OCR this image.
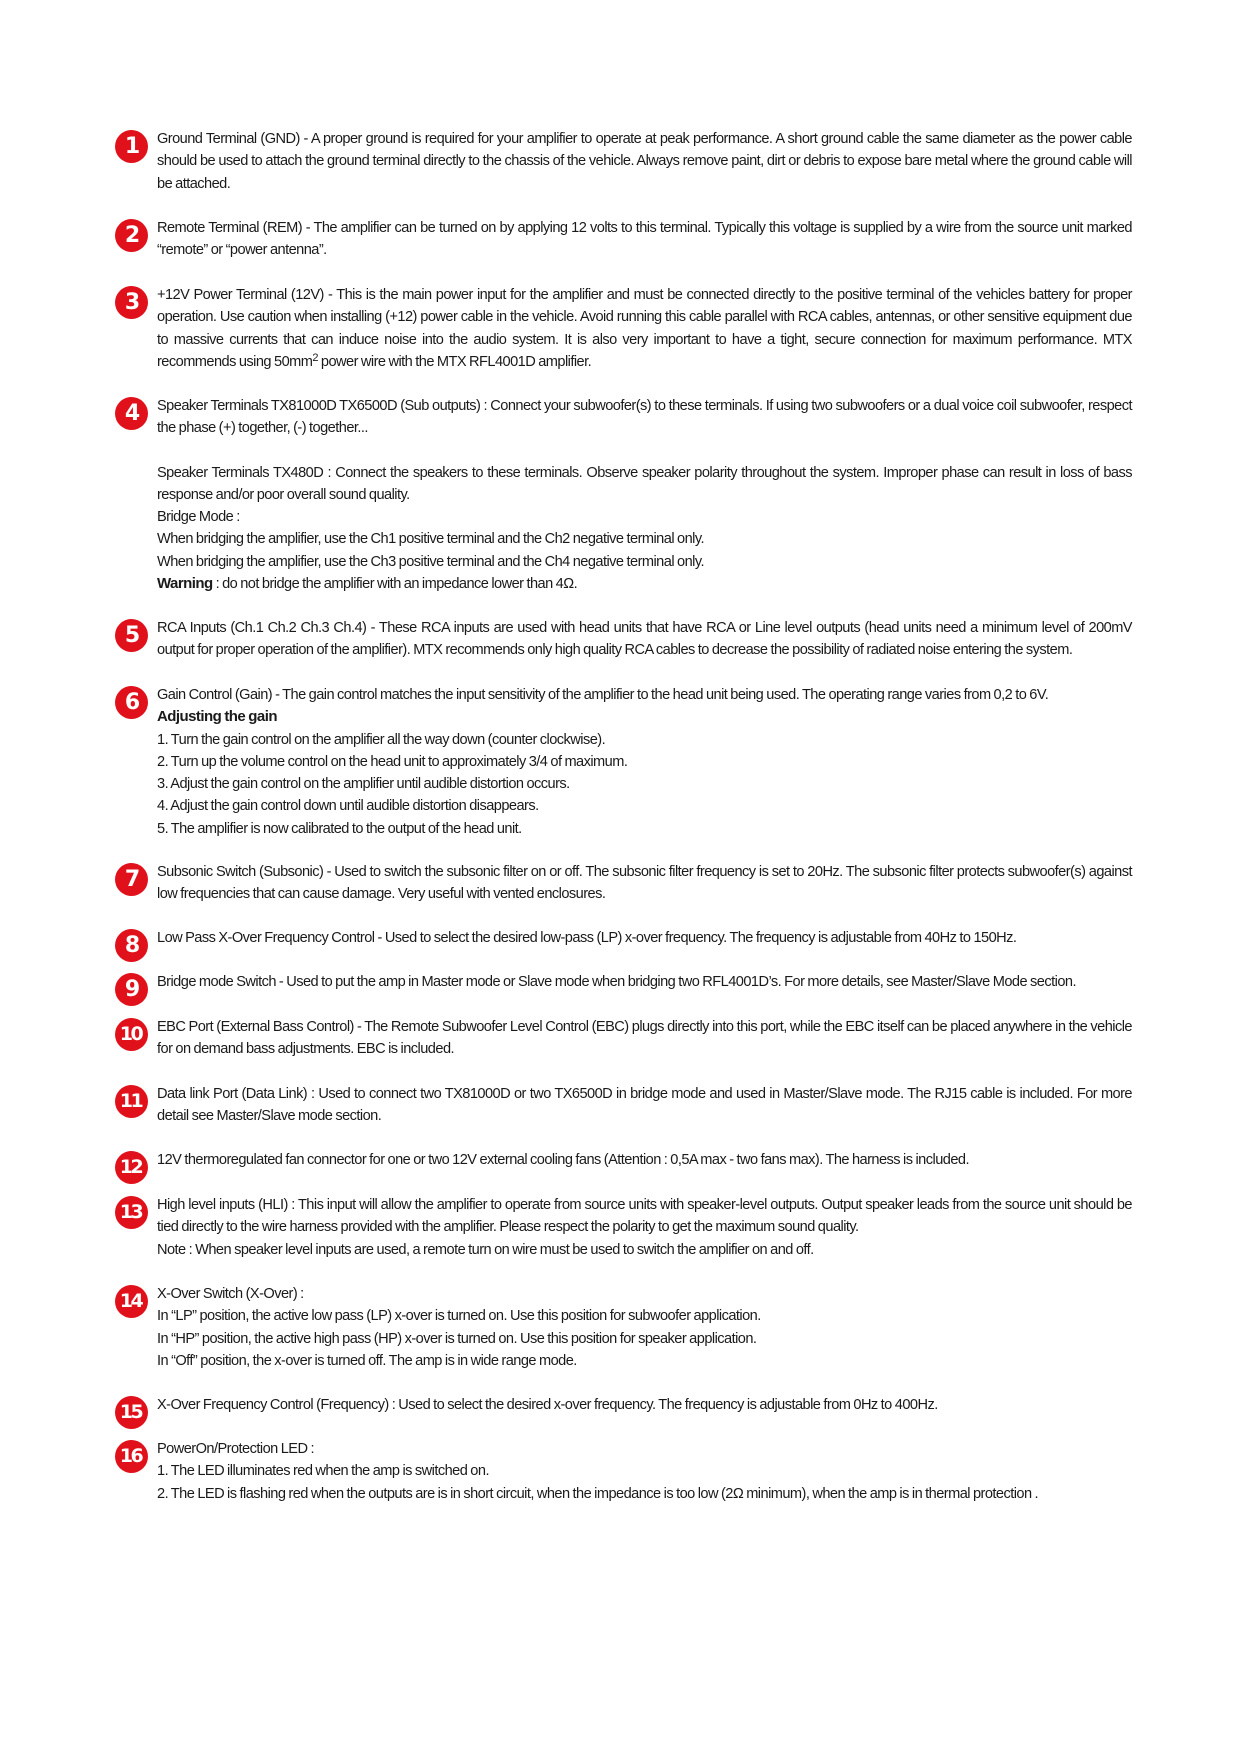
1	Ground Terminal (GND) - A proper ground is required for your amplifier to operate at peak performance. A short ground cable the same diameter as the power cable should be used to attach the ground terminal directly to the chassis of the vehicle. Always remove paint, dirt or debris to expose bare metal where the ground cable will be attached.
2	Remote Terminal (REM) - The amplifier can be turned on by applying 12 volts to this terminal. Typically this voltage is supplied by a wire from the source unit marked “remote” or “power antenna”.
3	+12V Power Terminal (12V) - This is the main power input for the amplifier and must be connected directly to the positive terminal of the vehicles battery for proper operation. Use caution when installing (+12) power cable in the vehicle. Avoid running this cable parallel with RCA cables, antennas, or other sensitive equipment due to massive currents that can induce noise into the audio system. It is also very important to have a tight, secure connection for maximum performance. MTX recommends using $50mm^2$ power wire with the MTX RFL4001D amplifier.
4	Speaker Terminals TX81000D TX6500D (Sub outputs) : Connect your subwoofer(s) to these terminals. If using two subwoofers or a dual voice coil subwoofer, respect the phase (+) together, (-) together...
Speaker Terminals TX480D : Connect the speakers to these terminals. Observe speaker polarity throughout the system. Improper phase can result in loss of bass response and/or poor overall sound quality.
Bridge Mode :
When bridging the amplifier, use the Ch1 positive terminal and the Ch2 negative terminal only.
When bridging the amplifier, use the Ch3 positive terminal and the Ch4 negative terminal only.
Warning : do not bridge the amplifier with an impedance lower than 4Ω.
5	RCA Inputs (Ch.1 Ch.2 Ch.3 Ch.4) - These RCA inputs are used with head units that have RCA or Line level outputs (head units need a minimum level of 200mV output for proper operation of the amplifier). MTX recommends only high quality RCA cables to decrease the possibility of radiated noise entering the system.
6	Gain Control (Gain) - The gain control matches the input sensitivity of the amplifier to the head unit being used. The operating range varies from 0,2 to 6V.
Adjusting the gain
1. Turn the gain control on the amplifier all the way down (counter clockwise).
2. Turn up the volume control on the head unit to approximately 3/4 of maximum.
3. Adjust the gain control on the amplifier until audible distortion occurs.
4. Adjust the gain control down until audible distortion disappears.
5. The amplifier is now calibrated to the output of the head unit.
7	Subsonic Switch (Subsonic) - Used to switch the subsonic filter on or off. The subsonic filter frequency is set to 20Hz. The subsonic filter protects subwoofer(s) against low frequencies that can cause damage. Very useful with vented enclosures.
8	Low Pass X-Over Frequency Control - Used to select the desired low-pass (LP) x-over frequency. The frequency is adjustable from 40Hz to 150Hz.
9	Bridge mode Switch - Used to put the amp in Master mode or Slave mode when bridging two RFL4001D’s. For more details, see Master/Slave Mode section.
10	EBC Port (External Bass Control) - The Remote Subwoofer Level Control (EBC) plugs directly into this port, while the EBC itself can be placed anywhere in the vehicle for on demand bass adjustments. EBC is included.
11	Data link Port (Data Link) : Used to connect two TX81000D or two TX6500D in bridge mode and used in Master/Slave mode. The RJ15 cable is included. For more detail see Master/Slave mode section.
12	12V thermoregulated fan connector for one or two 12V external cooling fans (Attention : 0,5A max - two fans max). The harness is included.
13	High level inputs (HLI) : This input will allow the amplifier to operate from source units with speaker-level outputs. Output speaker leads from the source unit should be tied directly to the wire harness provided with the amplifier. Please respect the polarity to get the maximum sound quality.
Note : When speaker level inputs are used, a remote turn on wire must be used to switch the amplifier on and off.
14	X-Over Switch (X-Over) :
In “LP” position, the active low pass (LP) x-over is turned on. Use this position for subwoofer application.
In “HP” position, the active high pass (HP) x-over is turned on. Use this position for speaker application.
In “Off” position, the x-over is turned off. The amp is in wide range mode.
15	X-Over Frequency Control (Frequency) : Used to select the desired x-over frequency. The frequency is adjustable from 0Hz to 400Hz.
16	PowerOn/Protection LED :
1. The LED illuminates red when the amp is switched on.
2. The LED is flashing red when the outputs are is in short circuit, when the impedance is too low (2Ω minimum), when the amp is in thermal protection .
